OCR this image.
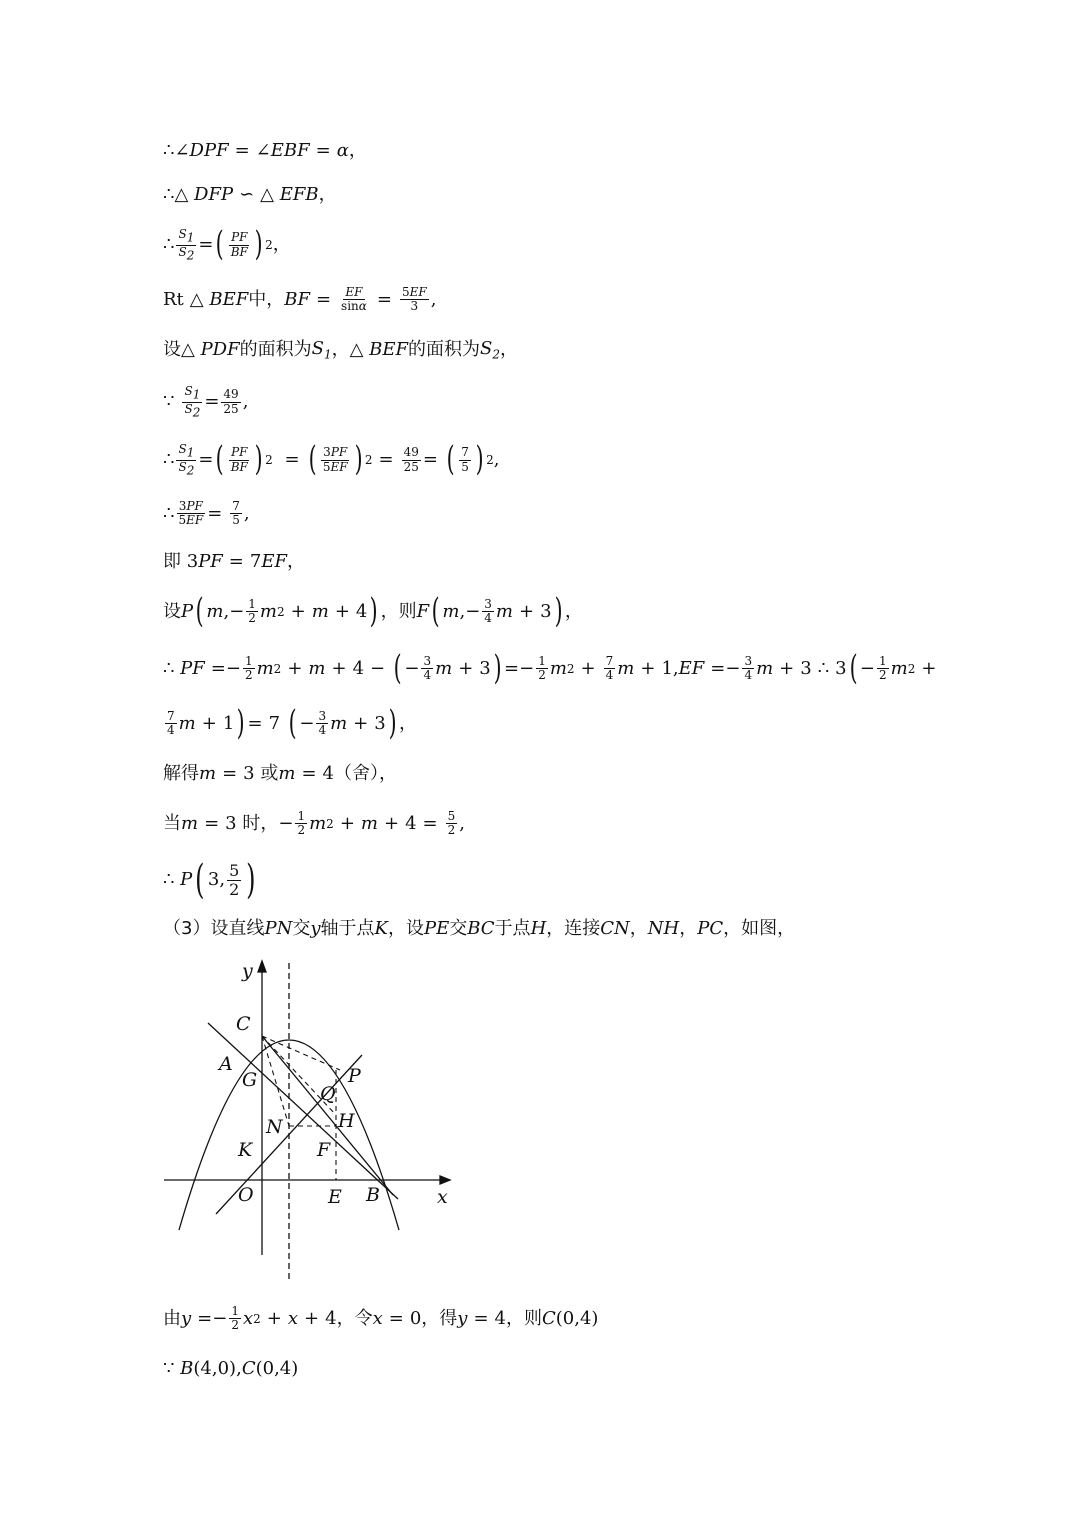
∴ ∠DPF = ∠EBF = α ，
∴△ DFP ∽ △ EFB ，
∴ $\frac{S1}{S2}$ = ( $\frac{PF}{BF}$ ) 2 ，
Rt △ BEF 中， BF = $\frac{EF}{\sin\alpha} = \frac{5EF}{3}$ ,
设 △ PDF 的面积为 $S_1$ ， △ BEF 的面积为 $S_2$ ，
∵ $\frac{S1}{S2} = \frac{49}{25}$ ,
∴ $\frac{S1}{S2}$ = ( $\frac{PF}{BF}$ ) 2 = ( $\frac{3PF}{5EF}$ ) $2 = \frac{49}{25}$ = ( $\frac{7}{5}$ ) 2 ,
∴ $\frac{3PF}{5EF} = \frac{7}{5}$ ,
即 3 PF = 7 EF ，
设 P ( m ,− $\frac{1}{2}$ m 2 + m + 4 ) ，则 F ( m ,− $\frac{3}{4}$ m + 3 ) ，
∴ PF =− $\frac{1}{2}$ m 2 + m + 4 − ( − $\frac{3}{4}$ m + 3 ) =− $\frac{1}{2}$ m $2 + \frac{7}{4}$ m + 1, EF =− $\frac{3}{4}$ m + 3 ∴ 3 ( − $\frac{1}{2}$ m 2 +
$\frac{7}{4}$ m + 1 ) = 7 ( − $\frac{3}{4}$ m + 3 ) ，
解得 m = 3 或 m = 4 （舍），
当 m = 3 时， − $\frac{1}{2}$ m $2 + m + 4 = \frac{5}{2}$ ,
∴ P ( 3, $\frac{5}{2}$ )
（3）设直线 PN 交 y 轴于点 K ，设 PE 交 BC 于点 H ，连接 CN ， NH ， PC ，如图，
y
x
C
A
G	P
Q
H
N
K	F
O	E B
由 $y =- \frac{1}{2}$ x 2 + x + 4 ，令 x = 0 ，得 y = 4 ，则 C (0,4)
∵ B (4,0), C (0,4)
